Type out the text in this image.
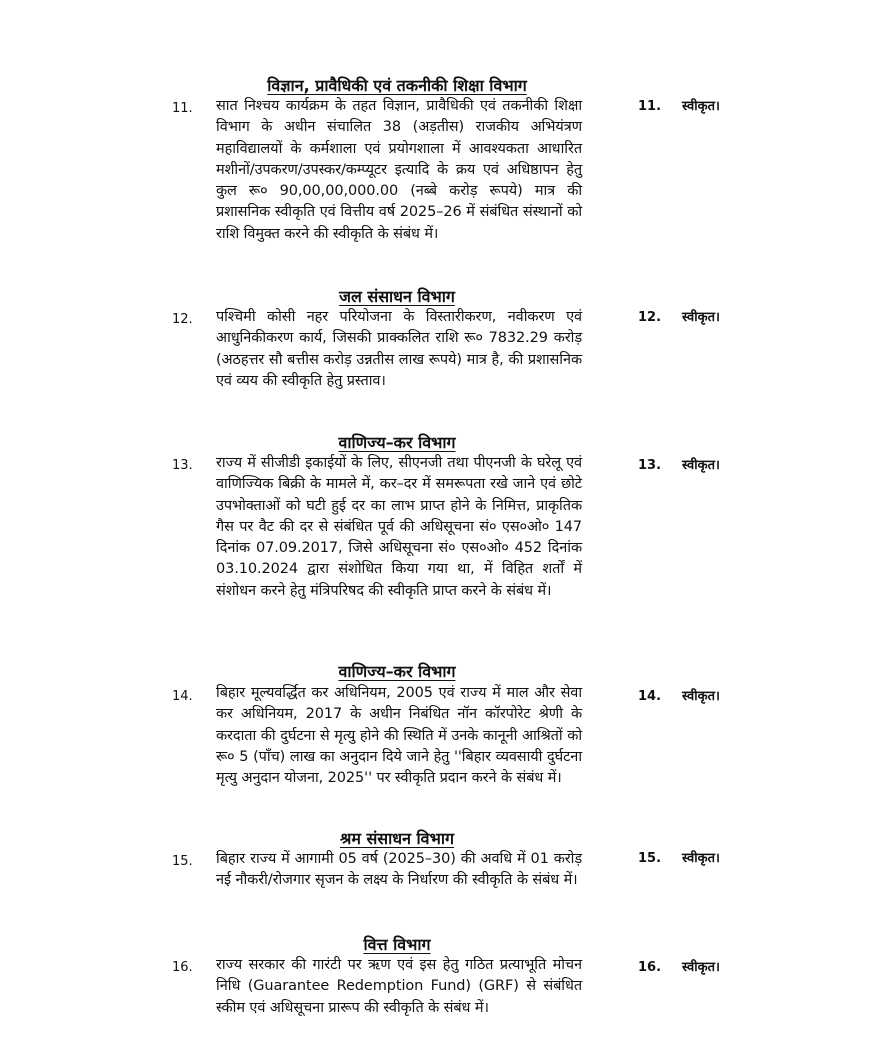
विज्ञान, प्रावैधिकी एवं तकनीकी शिक्षा विभाग
11. सात निश्चय कार्यक्रम के तहत विज्ञान, प्रावैधिकी एवं तकनीकी शिक्षा विभाग के अधीन संचालित 38 (अड़तीस) राजकीय अभियंत्रण महाविद्यालयों के कर्मशाला एवं प्रयोगशाला में आवश्यकता आधारित मशीनों/उपकरण/उपस्कर/कम्प्यूटर इत्यादि के क्रय एवं अधिष्ठापन हेतु कुल रू० 90,00,00,000.00 (नब्बे करोड़ रूपये) मात्र की प्रशासनिक स्वीकृति एवं वित्तीय वर्ष 2025–26 में संबंधित संस्थानों को राशि विमुक्त करने की स्वीकृति के संबंध में।
11. स्वीकृत।
जल संसाधन विभाग
12. पश्चिमी कोसी नहर परियोजना के विस्तारीकरण, नवीकरण एवं आधुनिकीकरण कार्य, जिसकी प्राक्कलित राशि रू० 7832.29 करोड़ (अठहत्तर सौ बत्तीस करोड़ उन्नतीस लाख रूपये) मात्र है, की प्रशासनिक एवं व्यय की स्वीकृति हेतु प्रस्ताव।
12. स्वीकृत।
वाणिज्य–कर विभाग
13. राज्य में सीजीडी इकाईयों के लिए, सीएनजी तथा पीएनजी के घरेलू एवं वाणिज्यिक बिक्री के मामले में, कर–दर में समरूपता रखे जाने एवं छोटे उपभोक्ताओं को घटी हुई दर का लाभ प्राप्त होने के निमित्त, प्राकृतिक गैस पर वैट की दर से संबंधित पूर्व की अधिसूचना सं० एस०ओ० 147 दिनांक 07.09.2017, जिसे अधिसूचना सं० एस०ओ० 452 दिनांक 03.10.2024 द्वारा संशोधित किया गया था, में विहित शर्तों में संशोधन करने हेतु मंत्रिपरिषद की स्वीकृति प्राप्त करने के संबंध में।
13. स्वीकृत।
वाणिज्य–कर विभाग
14. बिहार मूल्यवर्द्धित कर अधिनियम, 2005 एवं राज्य में माल और सेवा कर अधिनियम, 2017 के अधीन निबंधित नॉन कॉरपोरेट श्रेणी के करदाता की दुर्घटना से मृत्यु होने की स्थिति में उनके कानूनी आश्रितों को रू० 5 (पाँच) लाख का अनुदान दिये जाने हेतु ''बिहार व्यवसायी दुर्घटना मृत्यु अनुदान योजना, 2025'' पर स्वीकृति प्रदान करने के संबंध में।
14. स्वीकृत।
श्रम संसाधन विभाग
15. बिहार राज्य में आगामी 05 वर्ष (2025–30) की अवधि में 01 करोड़ नई नौकरी/रोजगार सृजन के लक्ष्य के निर्धारण की स्वीकृति के संबंध में।
15. स्वीकृत।
वित्त विभाग
16. राज्य सरकार की गारंटी पर ऋण एवं इस हेतु गठित प्रत्याभूति मोचन निधि (Guarantee Redemption Fund) (GRF) से संबंधित स्कीम एवं अधिसूचना प्रारूप की स्वीकृति के संबंध में।
16. स्वीकृत।
